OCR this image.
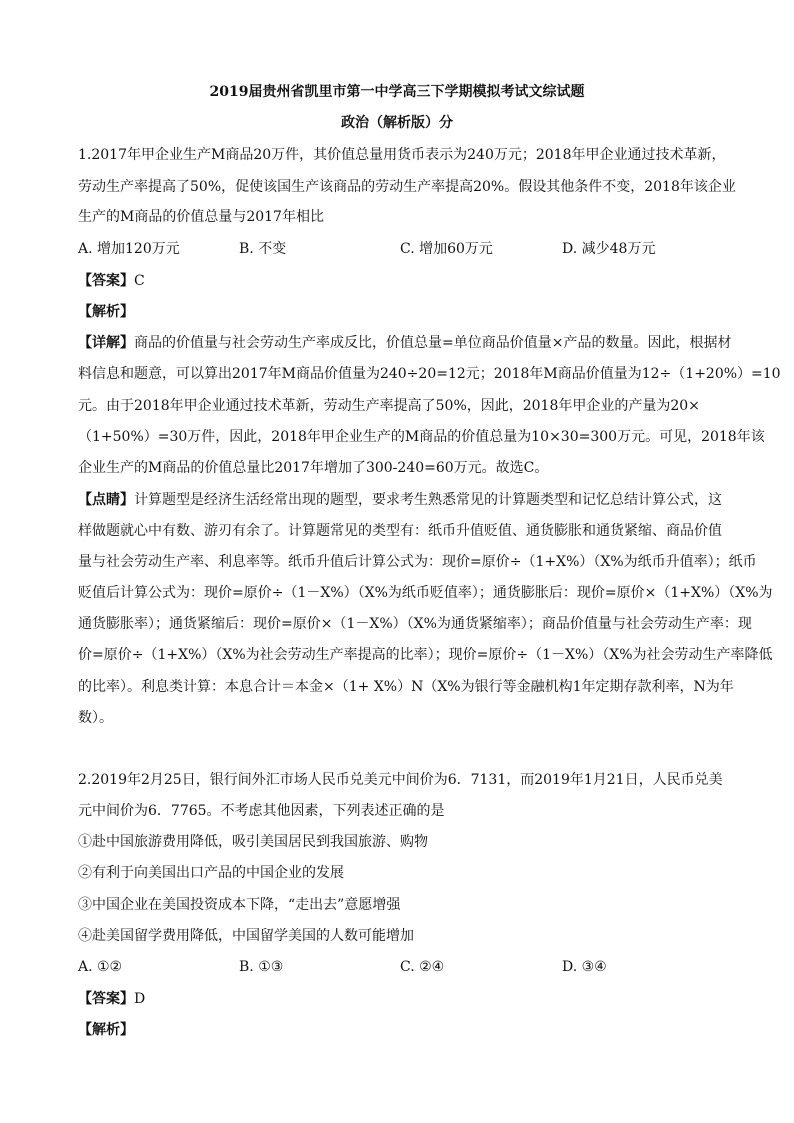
2019届贵州省凯里市第一中学高三下学期模拟考试文综试题
政治（解析版）分
1.2017年甲企业生产M商品20万件，其价值总量用货币表示为240万元；2018年甲企业通过技术革新，
劳动生产率提高了50%，促使该国生产该商品的劳动生产率提高20%。假设其他条件不变，2018年该企业
生产的M商品的价值总量与2017年相比
A. 增加120万元	B. 不变	C. 增加60万元	D. 减少48万元
【答案】C
【解析】
【详解】商品的价值量与社会劳动生产率成反比，价值总量=单位商品价值量×产品的数量。因此，根据材
料信息和题意，可以算出2017年M商品价值量为240÷20=12元；2018年M商品价值量为12÷（1+20%）=10
元。由于2018年甲企业通过技术革新，劳动生产率提高了50%，因此，2018年甲企业的产量为20×
（1+50%）=30万件，因此，2018年甲企业生产的M商品的价值总量为10×30=300万元。可见，2018年该
企业生产的M商品的价值总量比2017年增加了300-240=60万元。故选C。
【点睛】计算题型是经济生活经常出现的题型，要求考生熟悉常见的计算题类型和记忆总结计算公式，这
样做题就心中有数、游刃有余了。计算题常见的类型有：纸币升值贬值、通货膨胀和通货紧缩、商品价值
量与社会劳动生产率、利息率等。纸币升值后计算公式为：现价=原价÷（1+X%）（X%为纸币升值率）；纸币
贬值后计算公式为：现价=原价÷（1－X%）（X%为纸币贬值率）；通货膨胀后：现价=原价×（1+X%）（X%为
通货膨胀率）；通货紧缩后：现价=原价×（1－X%）（X%为通货紧缩率）；商品价值量与社会劳动生产率：现
价=原价÷（1+X%）（X%为社会劳动生产率提高的比率）；现价=原价÷（1－X%）（X%为社会劳动生产率降低
的比率）。利息类计算：本息合计＝本金×（1+ X%）N（X%为银行等金融机构1年定期存款利率，N为年
数）。
2.2019年2月25日，银行间外汇市场人民币兑美元中间价为6．7131，而2019年1月21日，人民币兑美
元中间价为6．7765。不考虑其他因素，下列表述正确的是
①赴中国旅游费用降低，吸引美国居民到我国旅游、购物
②有利于向美国出口产品的中国企业的发展
③中国企业在美国投资成本下降，“走出去”意愿增强
④赴美国留学费用降低，中国留学美国的人数可能增加
A. ①②	B. ①③	C. ②④	D. ③④
【答案】D
【解析】
